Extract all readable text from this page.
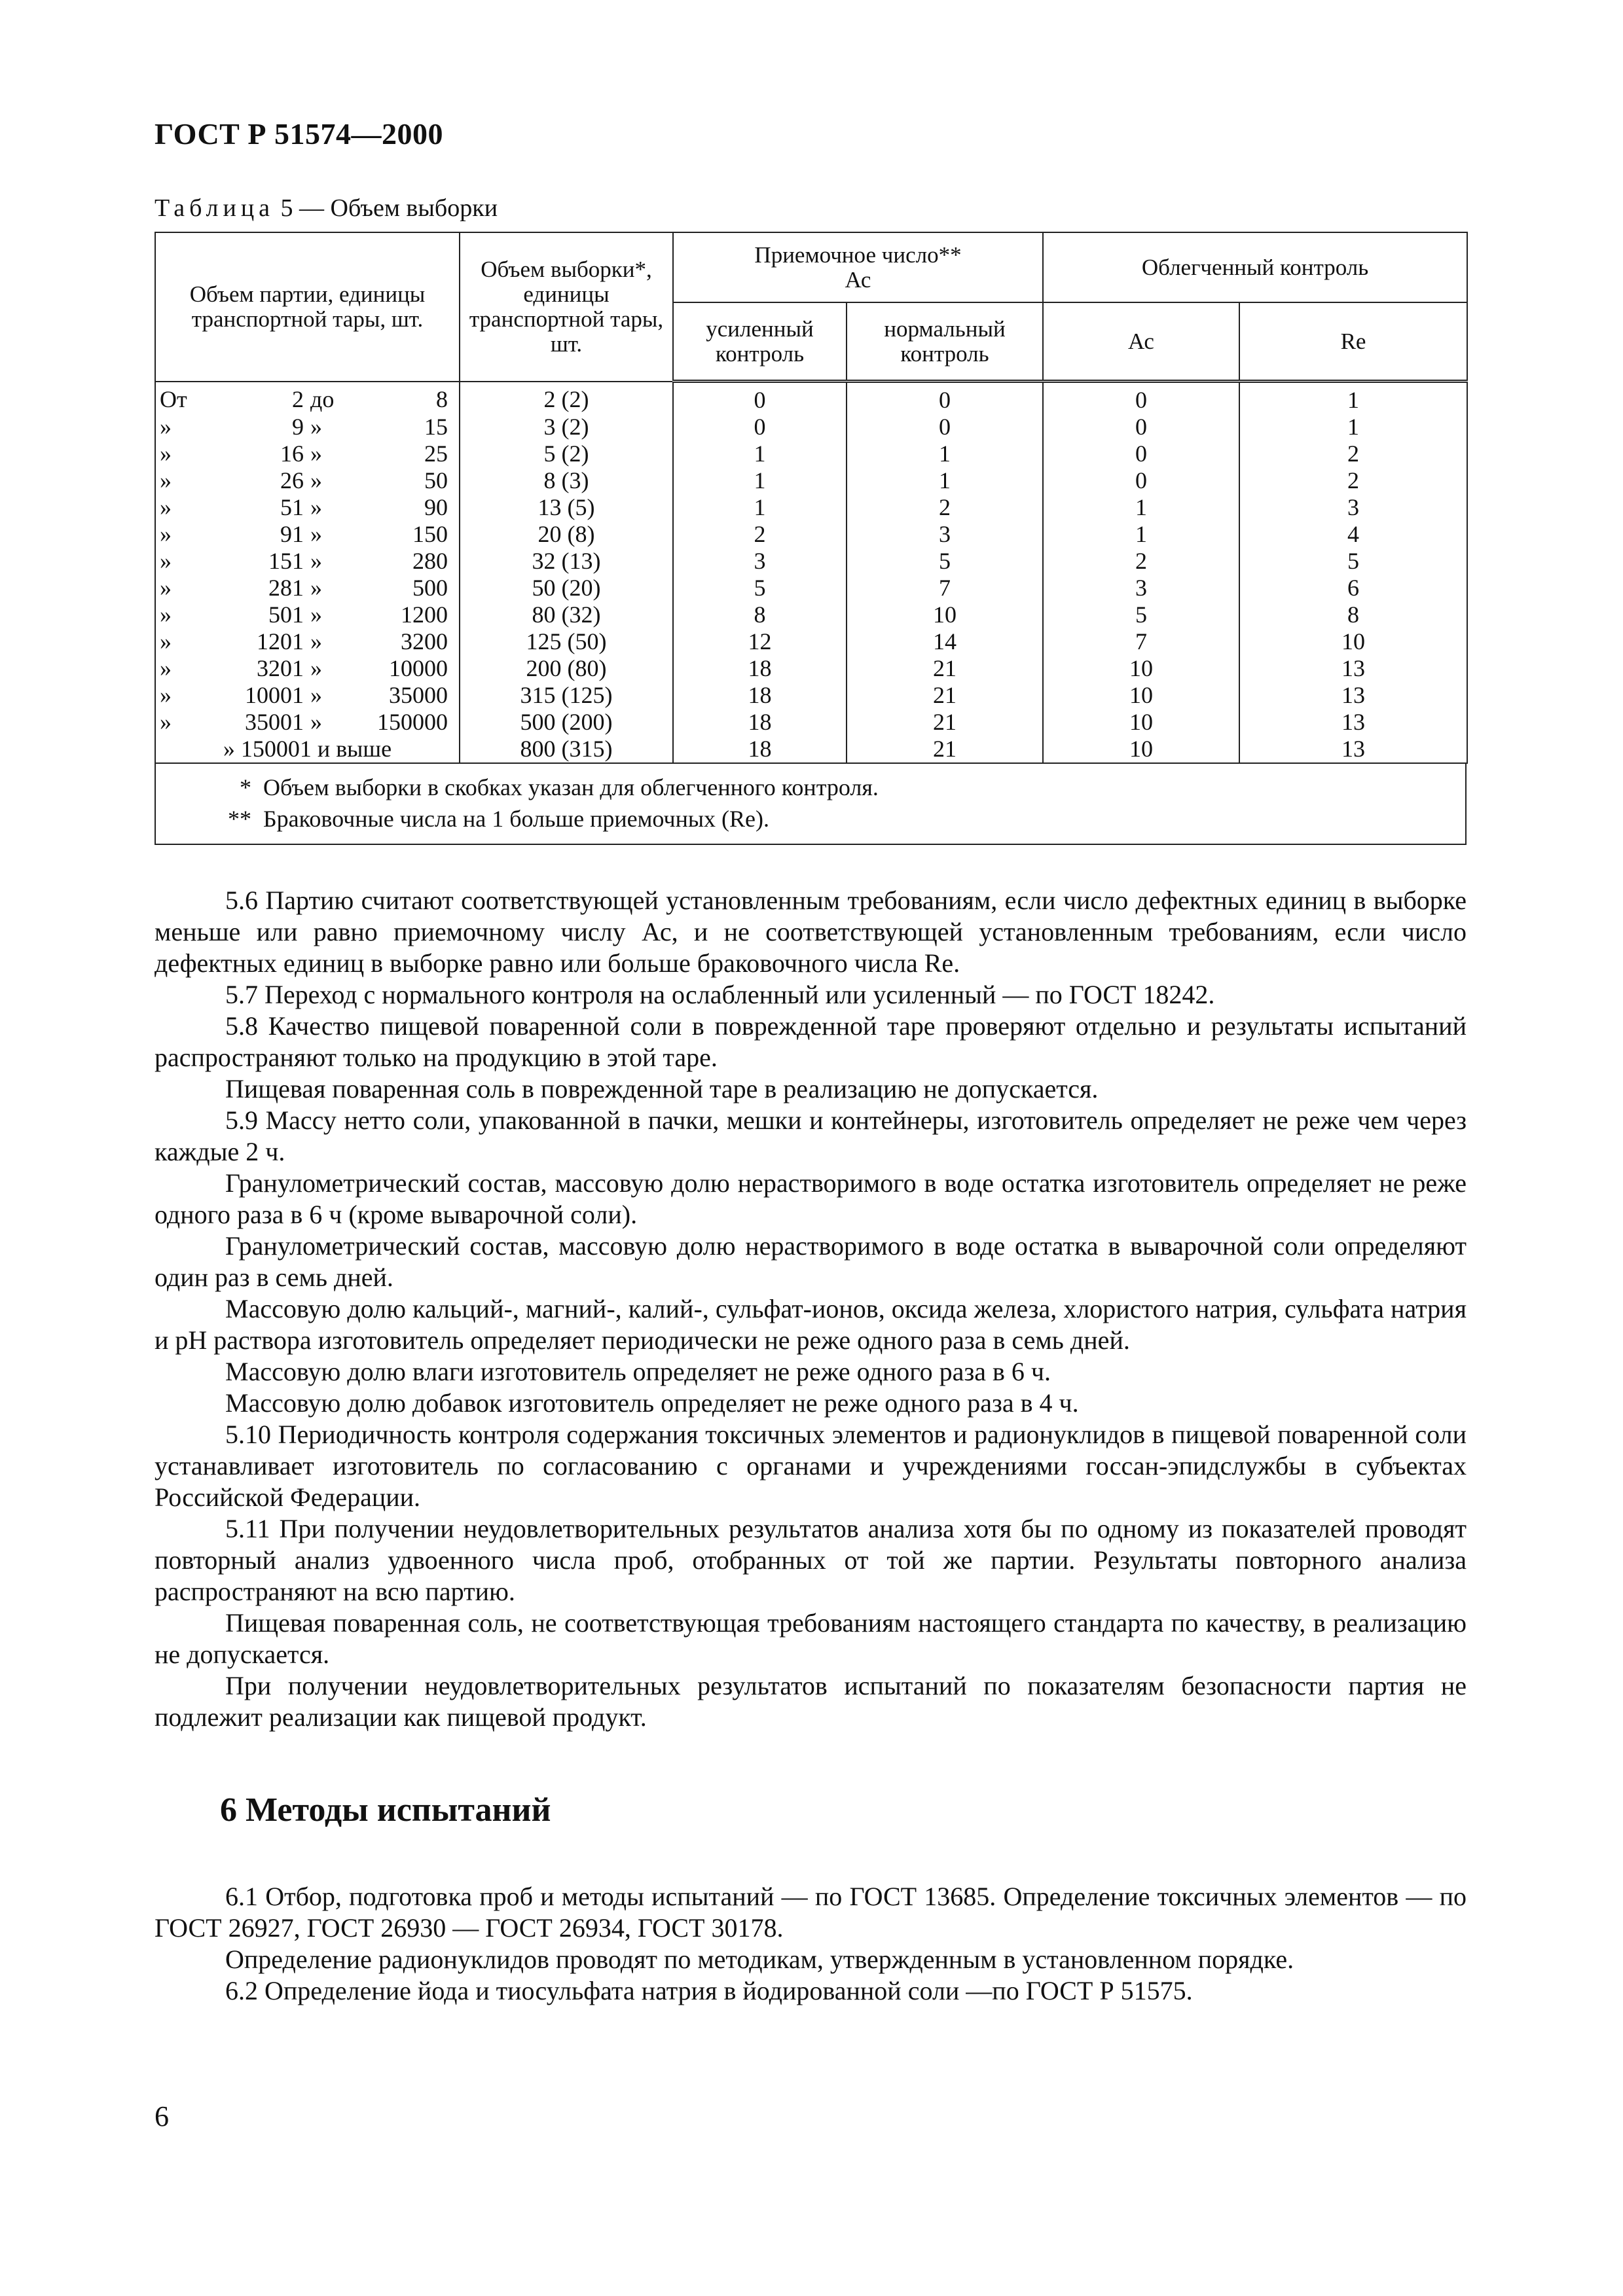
ГОСТ Р 51574—2000
Таблица 5 — Объем выборки
Объем партии, единицы транспортной тары, шт.	Объем выборки*, единицы транспортной тары, шт.	Приемочное число** Ас		Облегченный контроль	
		усиленный контроль	нормальный контроль	Ас	Re

От 2 до 8	2 (2)	0	0	0	1

» 9 » 15	3 (2)	0	0	0	1

» 16 » 25	5 (2)	1	1	0	2

» 26 » 50	8 (3)	1	1	0	2

» 51 » 90	13 (5)	1	2	1	3

» 91 » 150	20 (8)	2	3	1	4

» 151 » 280	32 (13)	3	5	2	5

» 281 » 500	50 (20)	5	7	3	6

» 501 » 1200	80 (32)	8	10	5	8

» 1201 » 3200	125 (50)	12	14	7	10

» 3201 » 10000	200 (80)	18	21	10	13

» 10001 » 35000	315 (125)	18	21	10	13

» 35001 » 150000	500 (200)	18	21	10	13
» 150001 и выше	800 (315)	18	21	10	13
* Объем выборки в скобках указан для облегченного контроля.
** Браковочные числа на 1 больше приемочных (Re).

5.6 Партию считают соответствующей установленным требованиям, если число дефектных единиц в выборке меньше или равно приемочному числу Ас, и не соответствующей установленным требованиям, если число дефектных единиц в выборке равно или больше браковочного числа Re.

5.7 Переход с нормального контроля на ослабленный или усиленный — по ГОСТ 18242.

5.8 Качество пищевой поваренной соли в поврежденной таре проверяют отдельно и результаты испытаний распространяют только на продукцию в этой таре.

Пищевая поваренная соль в поврежденной таре в реализацию не допускается.

5.9 Массу нетто соли, упакованной в пачки, мешки и контейнеры, изготовитель определяет не реже чем через каждые 2 ч.

Гранулометрический состав, массовую долю нерастворимого в воде остатка изготовитель определяет не реже одного раза в 6 ч (кроме выварочной соли).

Гранулометрический состав, массовую долю нерастворимого в воде остатка в выварочной соли определяют один раз в семь дней.

Массовую долю кальций-, магний-, калий-, сульфат-ионов, оксида железа, хлористого натрия, сульфата натрия и pH раствора изготовитель определяет периодически не реже одного раза в семь дней.

Массовую долю влаги изготовитель определяет не реже одного раза в 6 ч.

Массовую долю добавок изготовитель определяет не реже одного раза в 4 ч.

5.10 Периодичность контроля содержания токсичных элементов и радионуклидов в пищевой поваренной соли устанавливает изготовитель по согласованию с органами и учреждениями госсан-эпидслужбы в субъектах Российской Федерации.

5.11 При получении неудовлетворительных результатов анализа хотя бы по одному из показателей проводят повторный анализ удвоенного числа проб, отобранных от той же партии. Результаты повторного анализа распространяют на всю партию.

Пищевая поваренная соль, не соответствующая требованиям настоящего стандарта по качеству, в реализацию не допускается.

При получении неудовлетворительных результатов испытаний по показателям безопасности партия не подлежит реализации как пищевой продукт.

6 Методы испытаний

6.1 Отбор, подготовка проб и методы испытаний — по ГОСТ 13685. Определение токсичных элементов — по ГОСТ 26927, ГОСТ 26930 — ГОСТ 26934, ГОСТ 30178.

Определение радионуклидов проводят по методикам, утвержденным в установленном порядке.

6.2 Определение йода и тиосульфата натрия в йодированной соли —по ГОСТ Р 51575.

6
